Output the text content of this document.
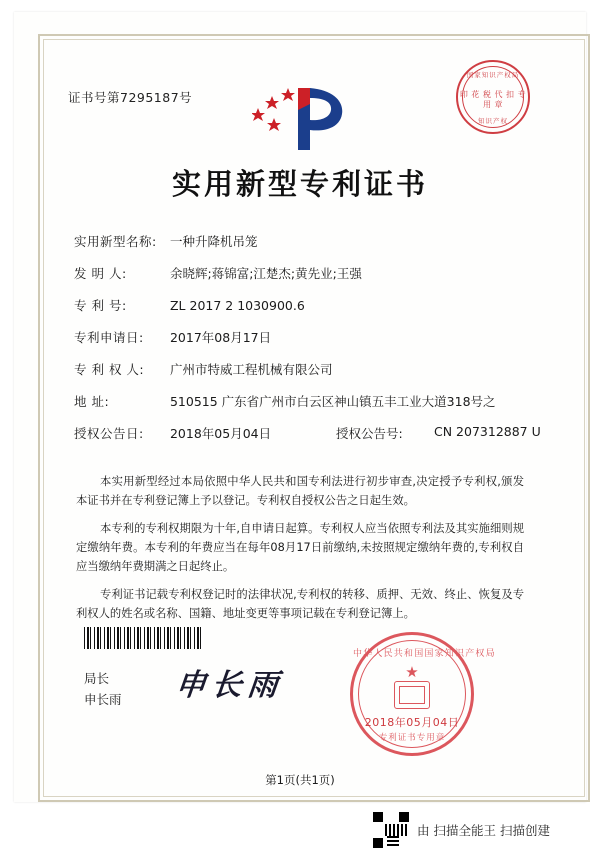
证书号第7295187号
国家知识产权局
印 花 税 代 扣 专 用 章
知识产权
实用新型专利证书
实用新型名称: 一种升降机吊笼
发 明 人:	余晓辉;蒋锦富;江楚杰;黄先业;王强
专 利 号:	ZL 2017 2 1030900.6
专利申请日: 2017年08月17日
专 利 权 人: 广州市特威工程机械有限公司
地 址:	510515 广东省广州市白云区神山镇五丰工业大道318号之
授权公告日: 2018年05月04日	授权公告号:	CN 207312887 U

本实用新型经过本局依照中华人民共和国专利法进行初步审查,决定授予专利权,颁发本证书并在专利登记簿上予以登记。专利权自授权公告之日起生效。

本专利的专利权期限为十年,自申请日起算。专利权人应当依照专利法及其实施细则规定缴纳年费。本专利的年费应当在每年08月17日前缴纳,未按照规定缴纳年费的,专利权自应当缴纳年费期满之日起终止。

专利证书记载专利权登记时的法律状况,专利权的转移、质押、无效、终止、恢复及专利权人的姓名或名称、国籍、地址变更等事项记载在专利登记簿上。

局长
申长雨 申长雨
中华人民共和国国家知识产权局
★
专利证书专用章
2018年05月04日
第1页(共1页)
由 扫描全能王 扫描创建
